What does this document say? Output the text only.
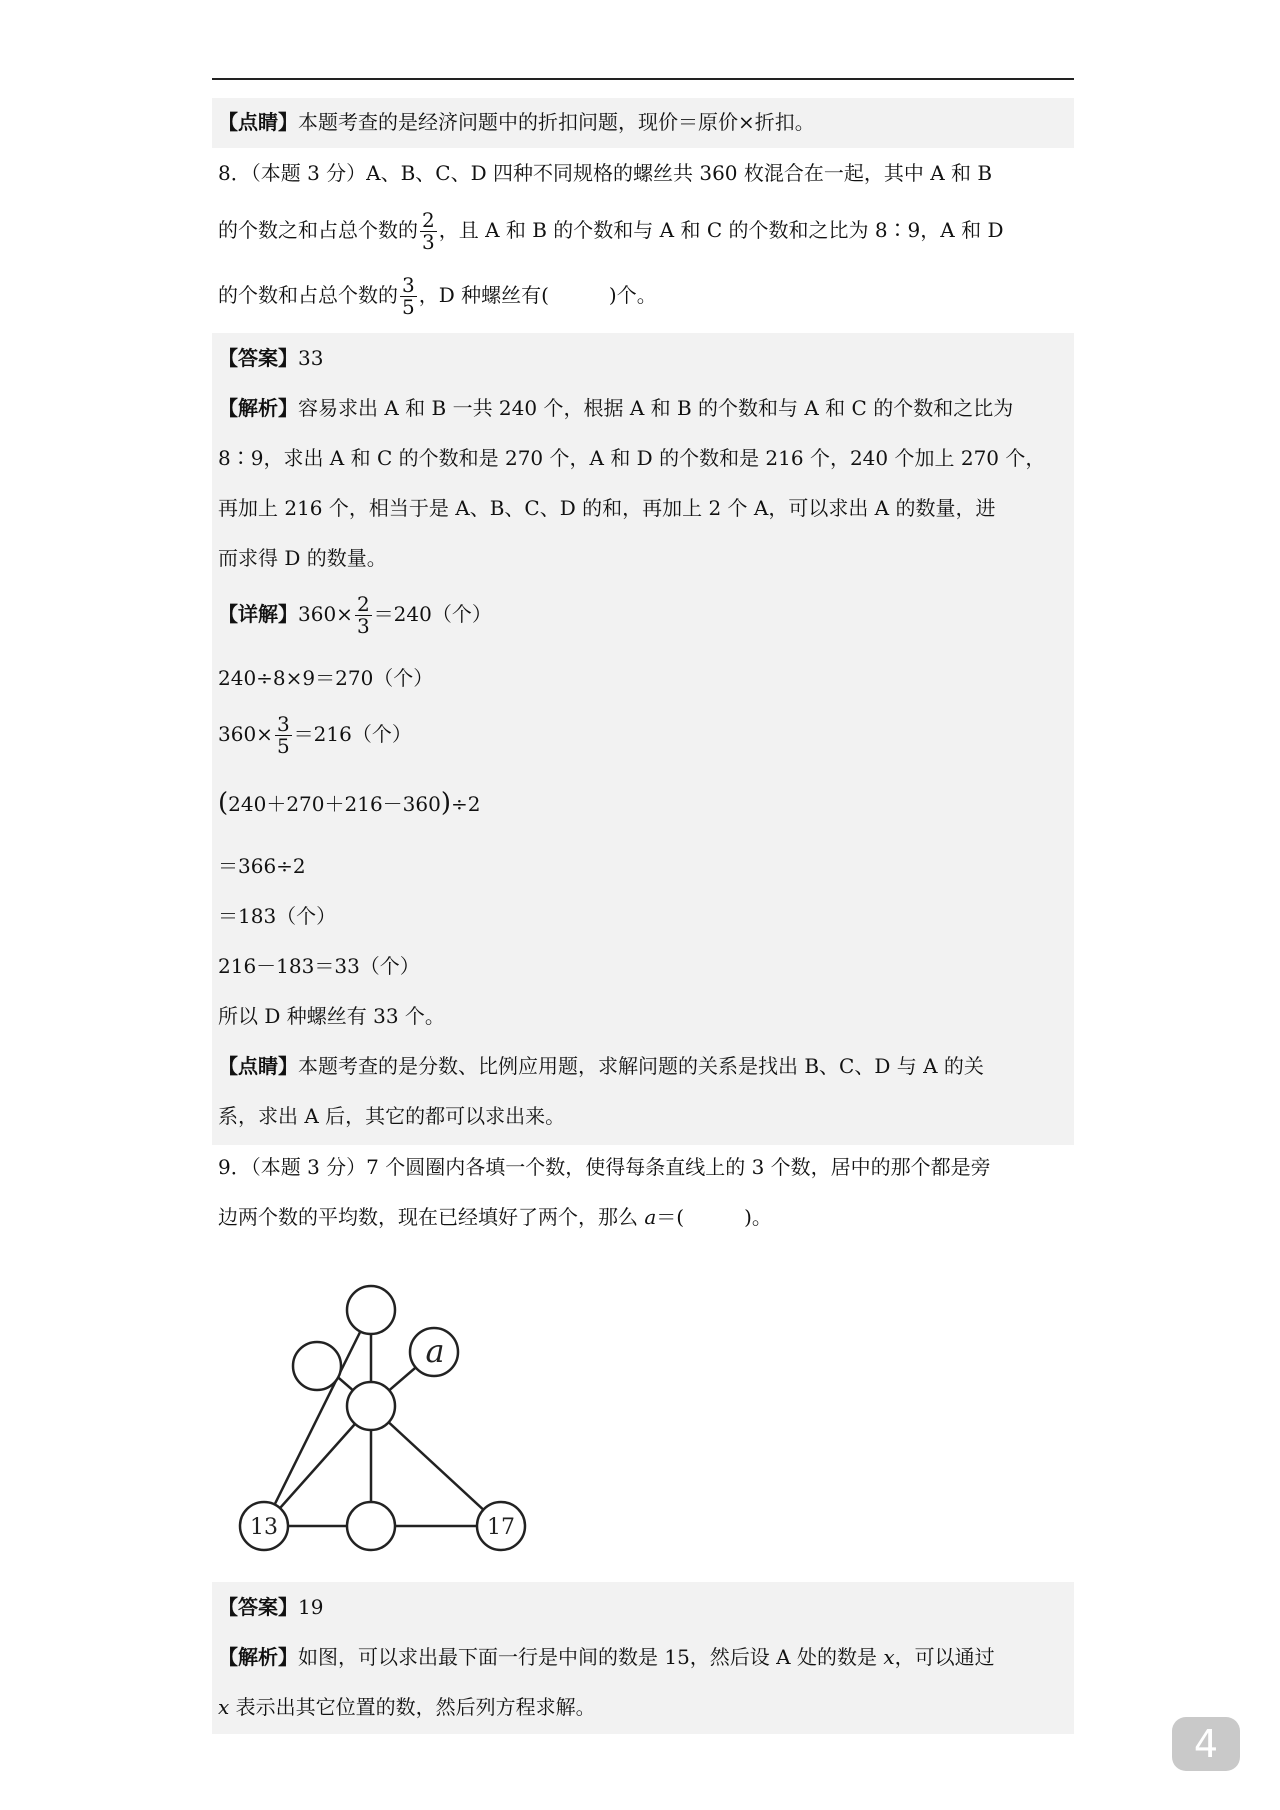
【点睛】本题考查的是经济问题中的折扣问题，现价＝原价×折扣。
8．（本题 3 分）A、B、C、D 四种不同规格的螺丝共 360 枚混合在一起，其中 A 和 B
的个数之和占总个数的 $\frac{2}{3}$ ，且 A 和 B 的个数和与 A 和 C 的个数和之比为 8∶9，A 和 D
的个数和占总个数的 $\frac{3}{5}$ ，D 种螺丝有(　　　)个。
【答案】33
【解析】容易求出 A 和 B 一共 240 个，根据 A 和 B 的个数和与 A 和 C 的个数和之比为
8∶9，求出 A 和 C 的个数和是 270 个，A 和 D 的个数和是 216 个，240 个加上 270 个，
再加上 216 个，相当于是 A、B、C、D 的和，再加上 2 个 A，可以求出 A 的数量，进
而求得 D 的数量。
【详解】$360\times \frac{2}{3} =240$（个）
240÷8×9＝270（个）
$360\times \frac{3}{5} =216$（个）
(240＋270＋216－360)÷2
＝366÷2
＝183（个）
216－183＝33（个）
所以 D 种螺丝有 33 个。
【点睛】本题考查的是分数、比例应用题，求解问题的关系是找出 B、C、D 与 A 的关
系，求出 A 后，其它的都可以求出来。
9．（本题 3 分）7 个圆圈内各填一个数，使得每条直线上的 3 个数，居中的那个都是旁
边两个数的平均数，现在已经填好了两个，那么 a＝(　　　)。
a
13	17
【答案】19
【解析】如图，可以求出最下面一行是中间的数是 15，然后设 A 处的数是 x，可以通过
x 表示出其它位置的数，然后列方程求解。
4
